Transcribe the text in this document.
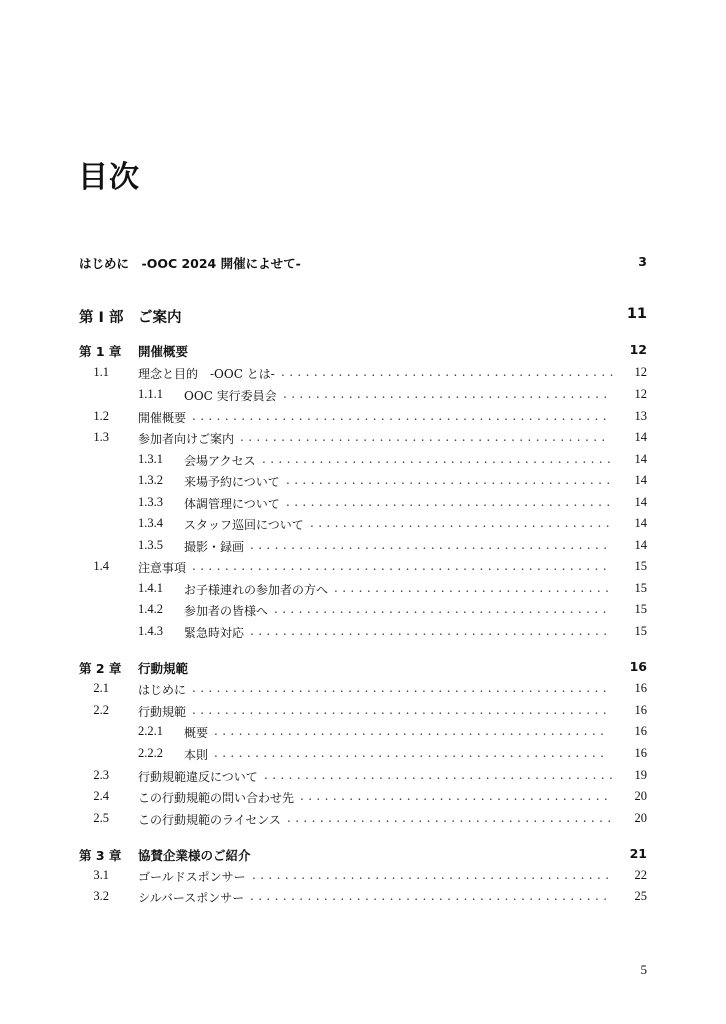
目次
はじめに　-OOC 2024 開催によせて-	3
第 I 部 ご案内	11
第 1 章 開催概要	12
1.1 理念と目的　-OOC とは-	12
.........................................
1.1.1 OOC 実行委員会	12
........................................
1.2 開催概要	13
...................................................
1.3 参加者向けご案内	14
.............................................
1.3.1 会場アクセス	14
...........................................
1.3.2 来場予約について	14
........................................
1.3.3 体調管理について	14
........................................
1.3.4 スタッフ巡回について	14
.....................................
1.3.5 撮影・録画	14
............................................
1.4 注意事項	15
...................................................
1.4.1 お子様連れの参加者の方へ	15
..................................
1.4.2 参加者の皆様へ	15
.........................................
1.4.3 緊急時対応	15
............................................
第 2 章 行動規範	16
2.1 はじめに	16
...................................................
2.2 行動規範	16
...................................................
2.2.1 概要	16
................................................
2.2.2 本則	16
................................................
2.3 行動規範違反について	19
...........................................
2.4 この行動規範の問い合わせ先	20
......................................
2.5 この行動規範のライセンス	20
........................................
第 3 章 協賛企業様のご紹介	21
3.1 ゴールドスポンサー	22
............................................
3.2 シルバースポンサー	25
............................................
5
